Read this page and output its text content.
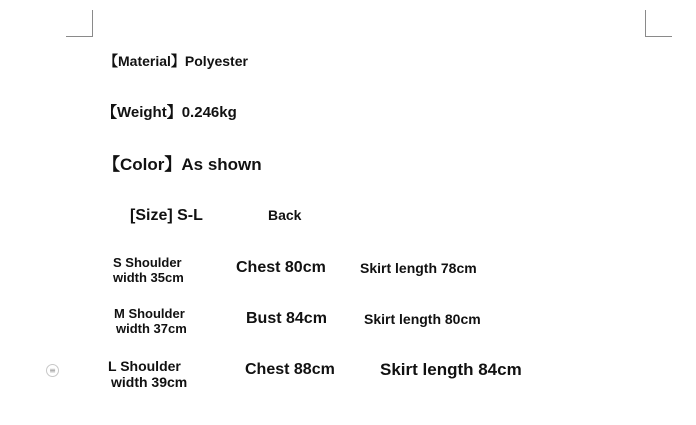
【Material】Polyester
【Weight】0.246kg
【Color】As shown
[Size] S-L	Back
S Shoulder
width 35cm
Chest 80cm Skirt length 78cm
M Shoulder
width 37cm
Bust 84cm	Skirt length 80cm
L Shoulder
width 39cm
Chest 88cm	Skirt length 84cm
≡
